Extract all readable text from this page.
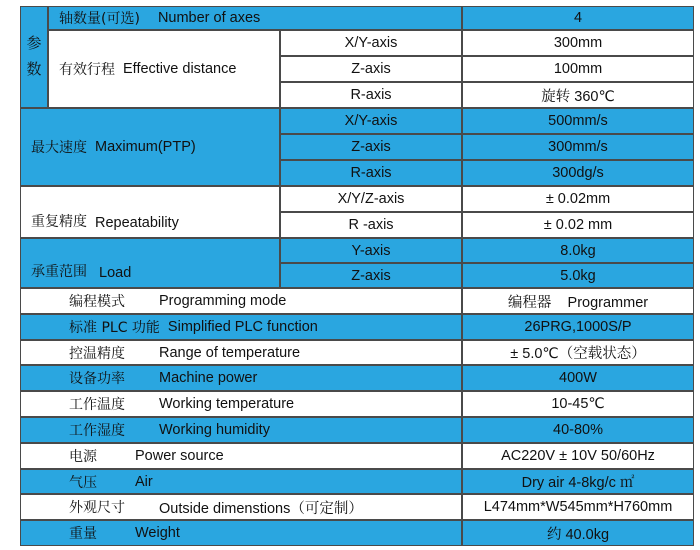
参
数
轴数量(可选) Number of axes	4
有效行程 Effective distance
X/Y-axis	300mm
Z-axis	100mm
R-axis	旋转 360℃
最大速度 Maximum(PTP)
X/Y-axis	500mm/s
Z-axis	300mm/s
R-axis	300dg/s
重复精度 Repeatability
X/Y/Z-axis	± 0.02mm
R -axis	± 0.02 mm
承重范围 Load
Y-axis	8.0kg
Z-axis	5.0kg
编程模式	Programming mode	编程器    Programmer
标准 PLC 功能 Simplified PLC function	26PRG,1000S/P
控温精度	Range of temperature	± 5.0℃（空载状态）
设备功率	Machine power	400W
工作温度	Working temperature	10-45℃
工作湿度	Working humidity	40-80%
电源	Power source	AC220V ± 10V 50/60Hz
气压	Air	Dry air 4-8kg/c ㎡
外观尺寸	Outside dimenstions（可定制）	L474mm*W545mm*H760mm
重量	Weight	约 40.0kg
